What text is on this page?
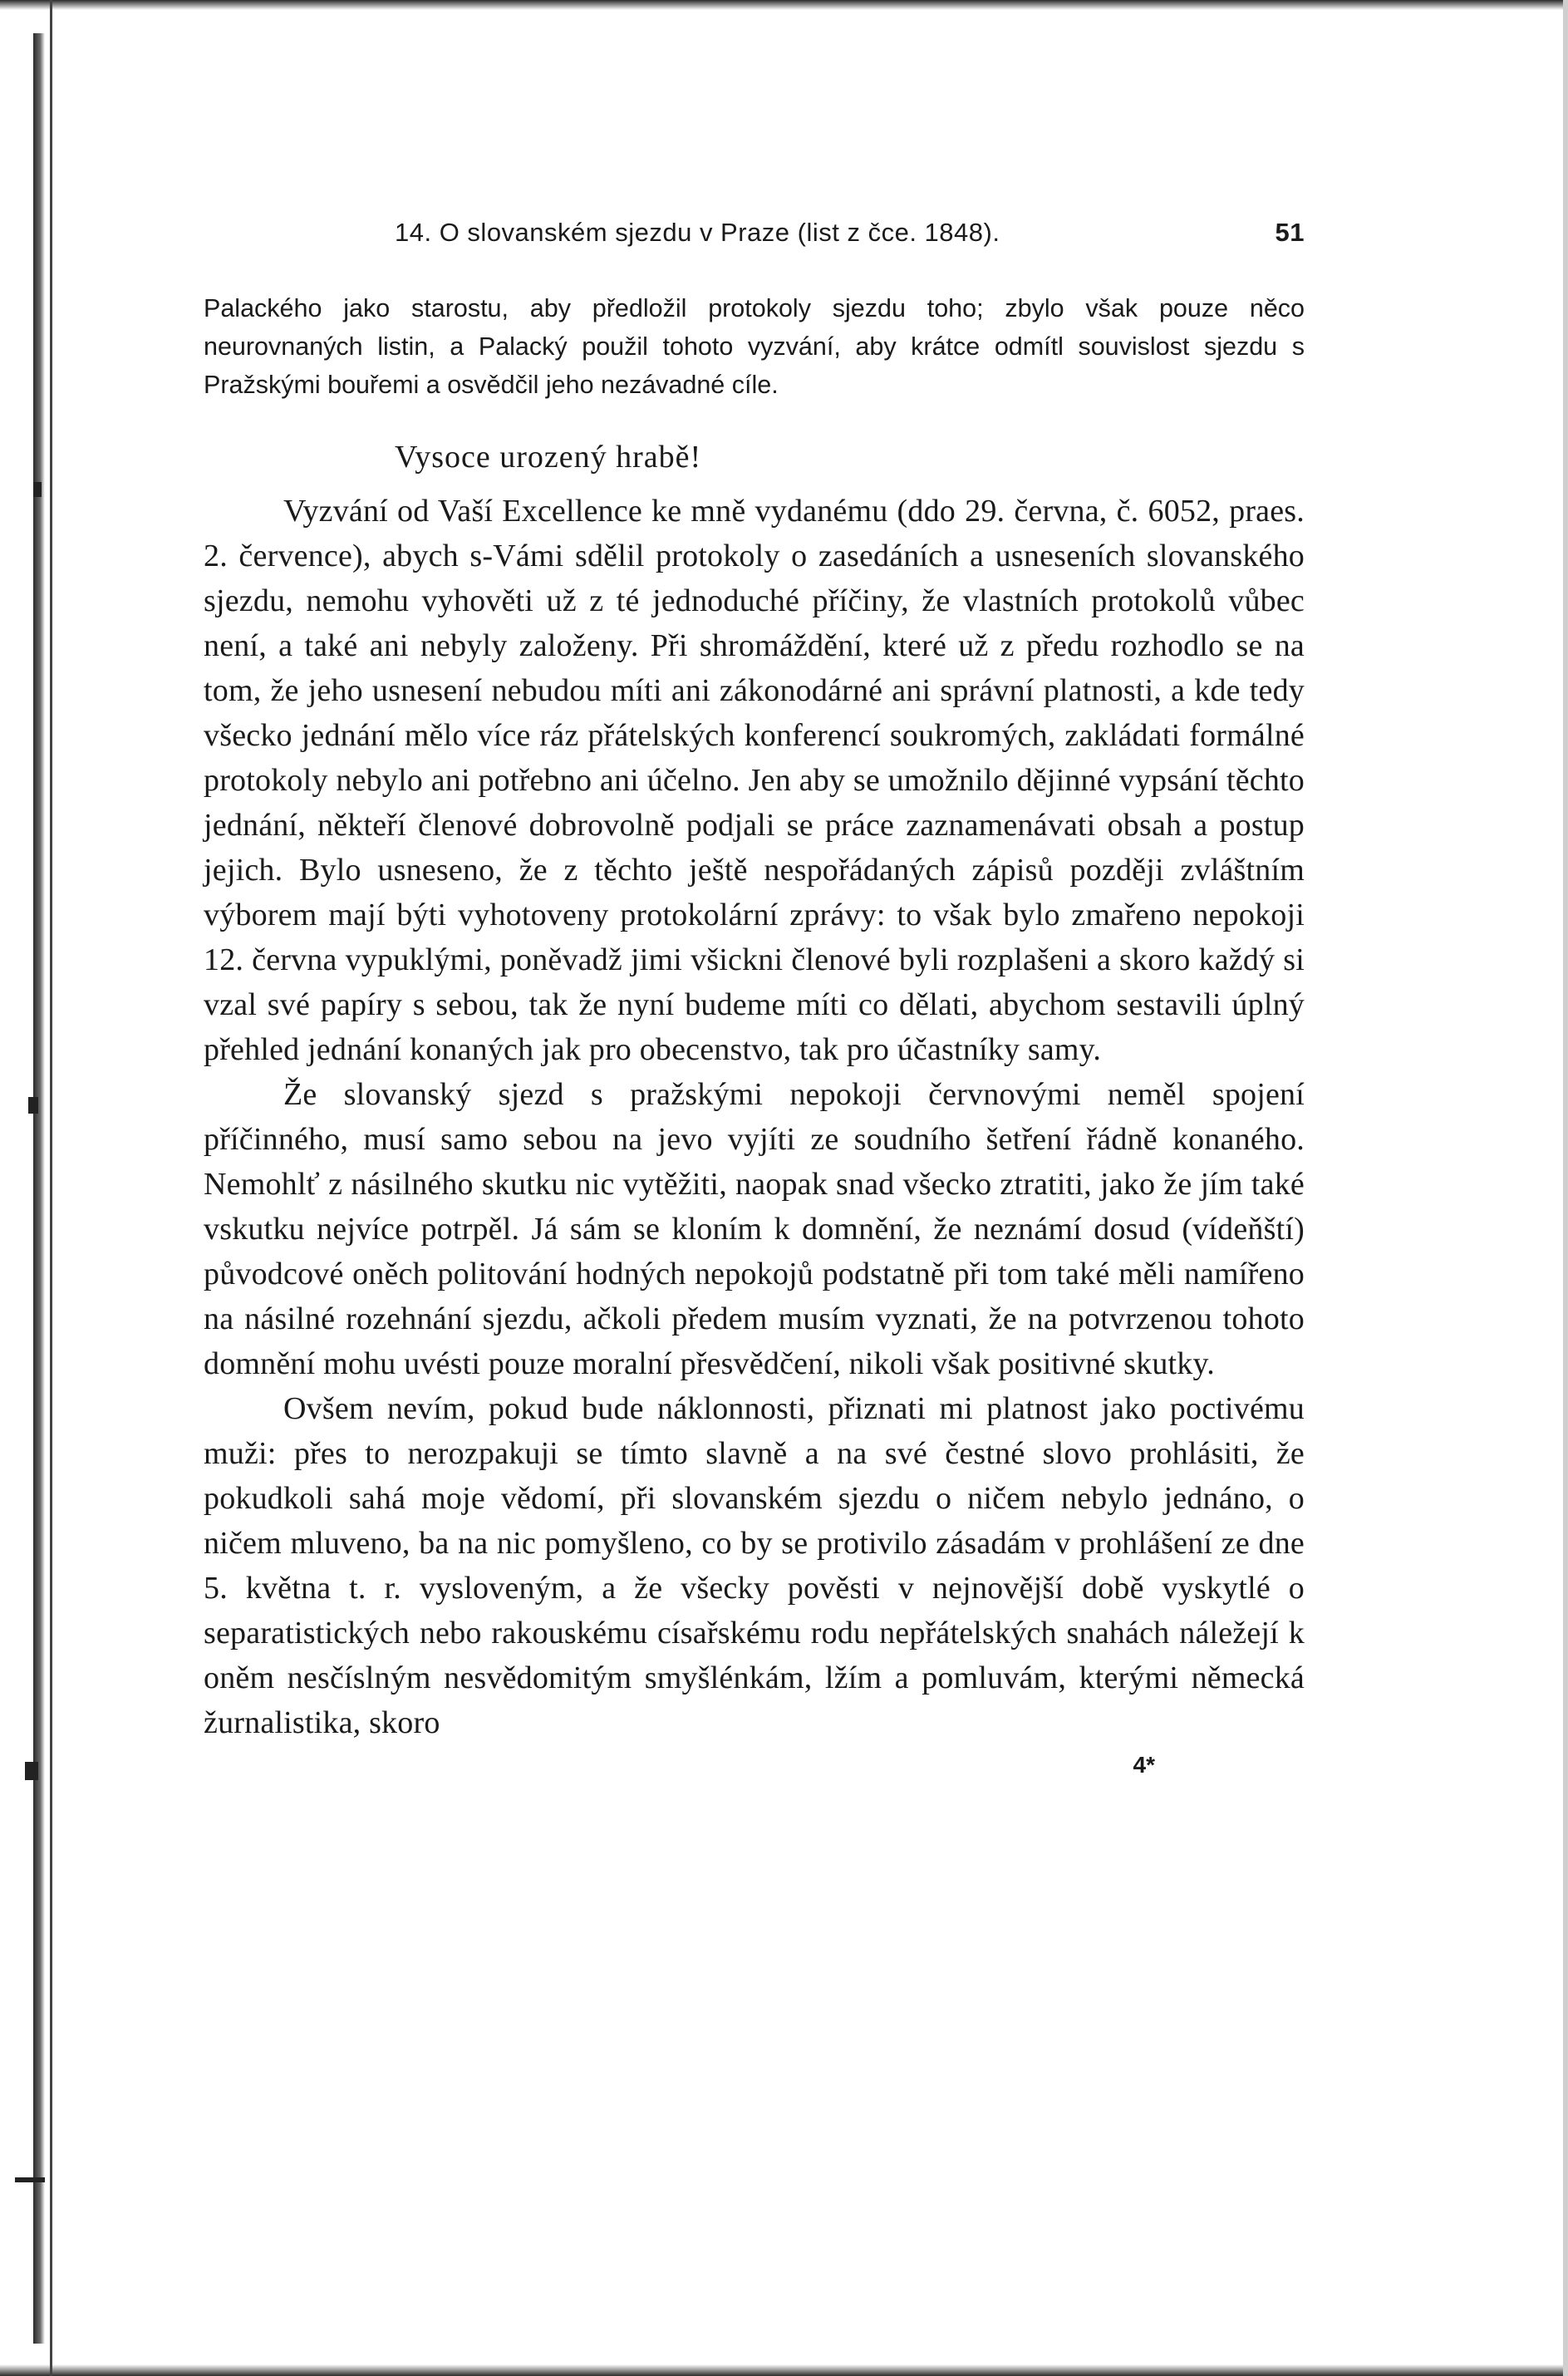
14. O slovanském sjezdu v Praze (list z čce. 1848).	51
Palackého jako starostu, aby předložil protokoly sjezdu toho; zbylo však pouze něco neurovnaných listin, a Palacký použil tohoto vyzvání, aby krátce odmítl souvislost sjezdu s Pražskými bouřemi a osvědčil jeho nezávadné cíle.
Vysoce urozený hrabě!

Vyzvání od Vaší Excellence ke mně vydanému (ddo 29. června, č. 6052, praes. 2. července), abych s-Vámi sdělil protokoly o zasedáních a usneseních slovanského sjezdu, nemohu vyhověti už z té jednoduché příčiny, že vlastních protokolů vůbec není, a také ani nebyly založeny. Při shromáždění, které už z předu rozhodlo se na tom, že jeho usnesení nebudou míti ani zákonodárné ani správní platnosti, a kde tedy všecko jednání mělo více ráz přátelských konferencí soukromých, zakládati formálné protokoly nebylo ani potřebno ani účelno. Jen aby se umožnilo dějinné vypsání těchto jednání, někteří členové dobrovolně podjali se práce zaznamenávati obsah a postup jejich. Bylo usneseno, že z těchto ještě nespořádaných zápisů později zvláštním výborem mají býti vyhotoveny protokolární zprávy: to však bylo zmařeno nepokoji 12. června vypuklými, poněvadž jimi všickni členové byli rozplašeni a skoro každý si vzal své papíry s sebou, tak že nyní budeme míti co dělati, abychom sestavili úplný přehled jednání konaných jak pro obecenstvo, tak pro účastníky samy.

Že slovanský sjezd s pražskými nepokoji červnovými neměl spojení příčinného, musí samo sebou na jevo vyjíti ze soudního šetření řádně konaného. Nemohlť z násilného skutku nic vytěžiti, naopak snad všecko ztratiti, jako že jím také vskutku nejvíce potrpěl. Já sám se kloním k domnění, že neznámí dosud (vídeňští) původcové oněch politování hodných nepokojů podstatně při tom také měli namířeno na násilné rozehnání sjezdu, ačkoli předem musím vyznati, že na potvrzenou tohoto domnění mohu uvésti pouze moralní přesvědčení, nikoli však positivné skutky.

Ovšem nevím, pokud bude náklonnosti, přiznati mi platnost jako poctivému muži: přes to nerozpakuji se tímto slavně a na své čestné slovo prohlásiti, že pokudkoli sahá moje vědomí, při slovanském sjezdu o ničem nebylo jednáno, o ničem mluveno, ba na nic pomyšleno, co by se protivilo zásadám v prohlášení ze dne 5. května t. r. vysloveným, a že všecky pověsti v nejnovější době vyskytlé o separatistických nebo rakouskému císařskému rodu nepřátelských snahách náležejí k oněm nesčíslným nesvědomitým smyšlénkám, lžím a pomluvám, kterými německá žurnalistika, skoro

4*
